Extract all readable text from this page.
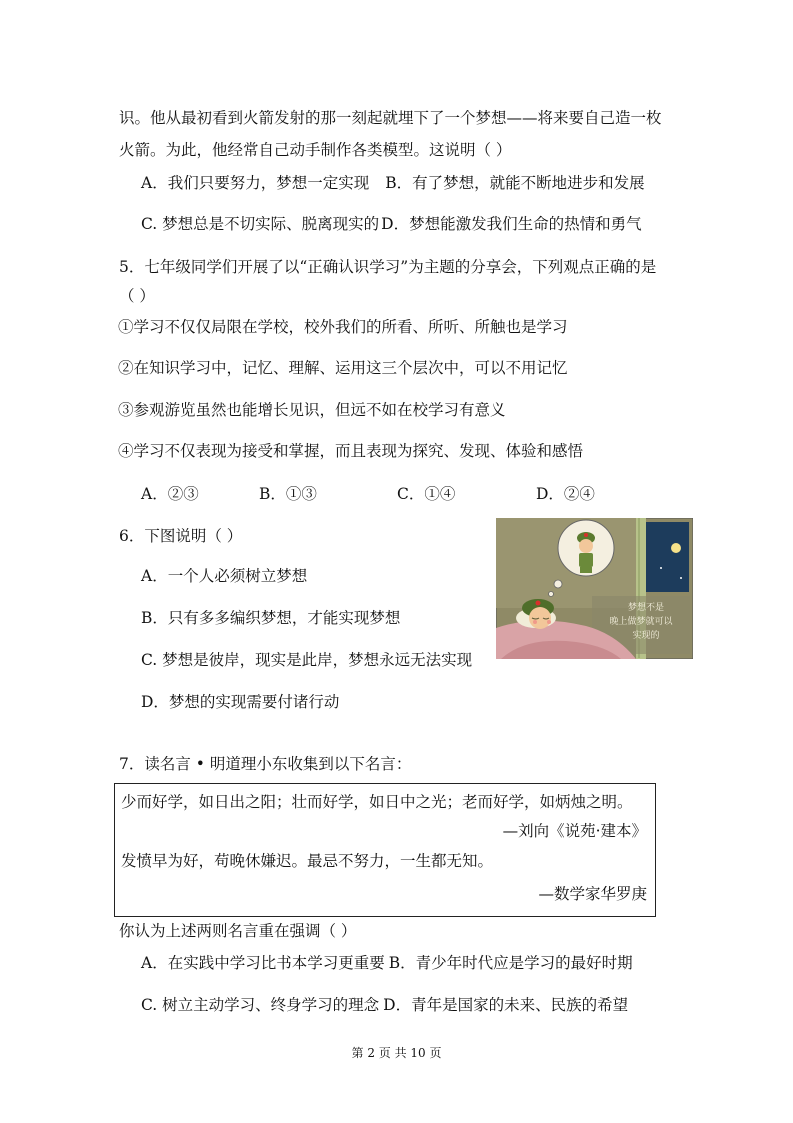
识。他从最初看到火箭发射的那一刻起就埋下了一个梦想——将来要自己造一枚
火箭。为此，他经常自己动手制作各类模型。这说明（ ）
A．我们只要努力，梦想一定实现 B．有了梦想，就能不断地进步和发展
C. 梦想总是不切实际、脱离现实的 D．梦想能激发我们生命的热情和勇气
5．七年级同学们开展了以“正确认识学习”为主题的分享会，下列观点正确的是
（ ）
①学习不仅仅局限在学校，校外我们的所看、所听、所触也是学习
②在知识学习中，记忆、理解、运用这三个层次中，可以不用记忆
③参观游览虽然也能增长见识，但远不如在校学习有意义
④学习不仅表现为接受和掌握，而且表现为探究、发现、体验和感悟
A．②③	B．①③	C．①④	D．②④
6．下图说明（ ）
A．一个人必须树立梦想
B．只有多多编织梦想，才能实现梦想
C. 梦想是彼岸，现实是此岸，梦想永远无法实现
D．梦想的实现需要付诸行动
梦想不是
晚上做梦就可以
实现的
7．读名言 • 明道理小东收集到以下名言：
少而好学，如日出之阳；壮而好学，如日中之光；老而好学，如炳烛之明。
—刘向《说苑·建本》
发愤早为好，苟晚休嫌迟。最忌不努力，一生都无知。
—数学家华罗庚
你认为上述两则名言重在强调（ ）
A．在实践中学习比书本学习更重要 B．青少年时代应是学习的最好时期
C. 树立主动学习、终身学习的理念 D．青年是国家的未来、民族的希望
第 2 页 共 10 页
